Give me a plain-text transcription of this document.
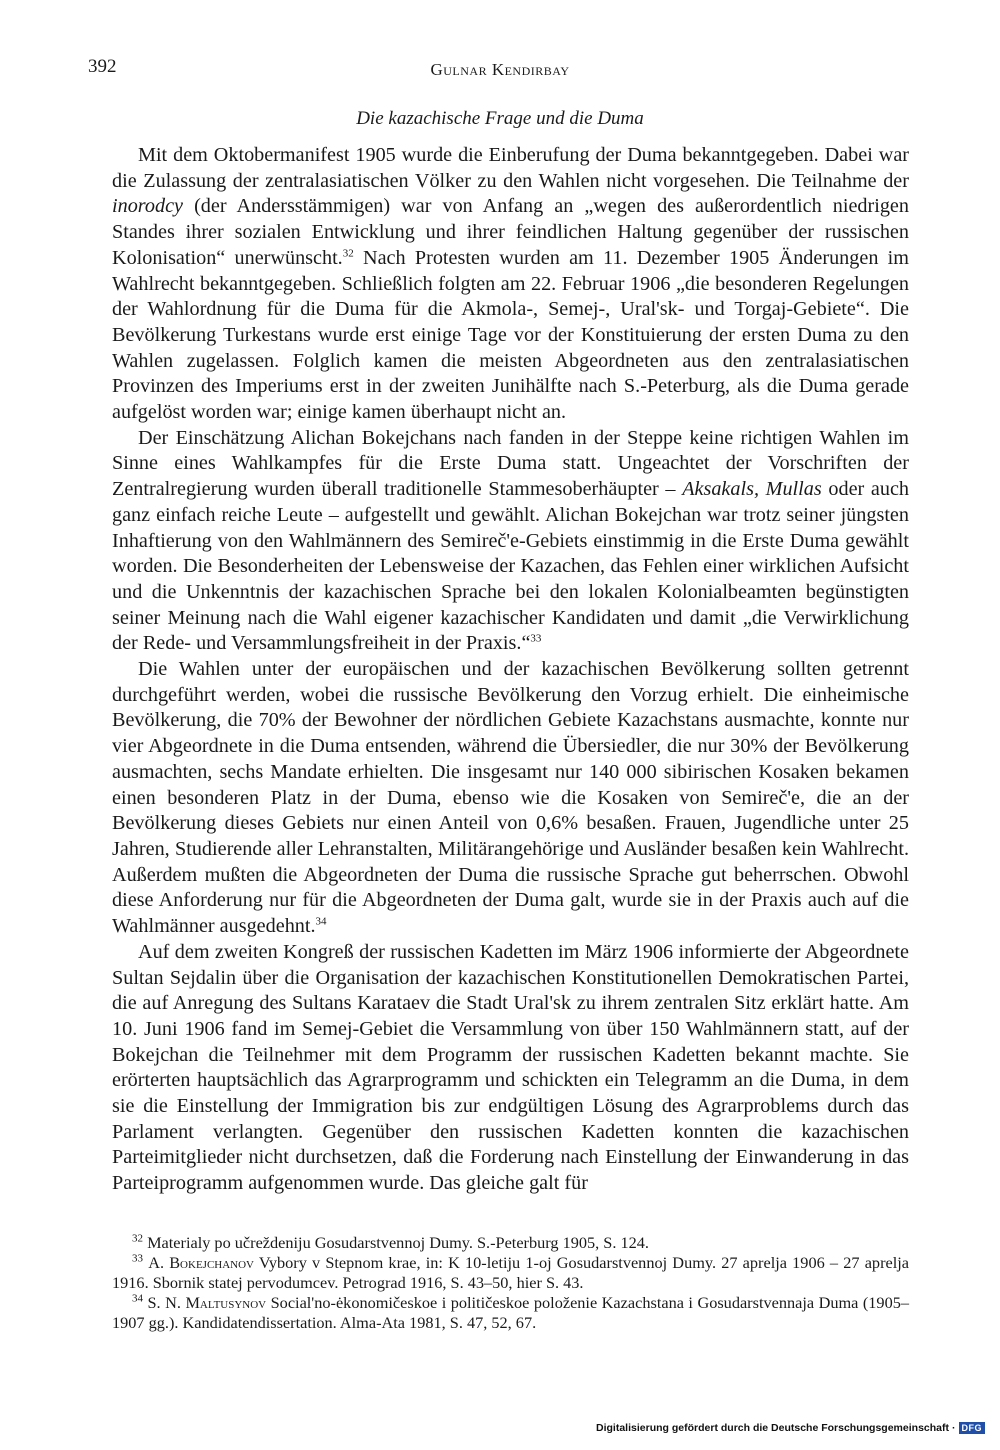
392	Gulnar Kendirbay
Die kazachische Frage und die Duma

Mit dem Oktobermanifest 1905 wurde die Einberufung der Duma bekanntgegeben. Dabei war die Zulassung der zentralasiatischen Völker zu den Wahlen nicht vorgesehen. Die Teilnahme der inorodcy (der Andersstämmigen) war von Anfang an „wegen des außerordentlich niedrigen Standes ihrer sozialen Entwicklung und ihrer feindlichen Haltung gegenüber der russischen Kolonisation“ unerwünscht.$^{32}$ Nach Protesten wurden am 11. Dezember 1905 Änderungen im Wahlrecht bekanntgegeben. Schließlich folgten am 22. Februar 1906 „die besonderen Regelungen der Wahlordnung für die Duma für die Akmola-, Semej-, Ural'sk- und Torgaj-Gebiete“. Die Bevölkerung Turkestans wurde erst einige Tage vor der Konstituierung der ersten Duma zu den Wahlen zugelassen. Folglich kamen die meisten Abgeordneten aus den zentralasiatischen Provinzen des Imperiums erst in der zweiten Junihälfte nach S.-Peterburg, als die Duma gerade aufgelöst worden war; einige kamen überhaupt nicht an.

Der Einschätzung Alichan Bokejchans nach fanden in der Steppe keine richtigen Wahlen im Sinne eines Wahlkampfes für die Erste Duma statt. Ungeachtet der Vorschriften der Zentralregierung wurden überall traditionelle Stammesoberhäupter – Aksakals, Mullas oder auch ganz einfach reiche Leute – aufgestellt und gewählt. Alichan Bokejchan war trotz seiner jüngsten Inhaftierung von den Wahlmännern des Semireč'e-Gebiets einstimmig in die Erste Duma gewählt worden. Die Besonderheiten der Lebensweise der Kazachen, das Fehlen einer wirklichen Aufsicht und die Unkenntnis der kazachischen Sprache bei den lokalen Kolonialbeamten begünstigten seiner Meinung nach die Wahl eigener kazachischer Kandidaten und damit „die Verwirklichung der Rede- und Versammlungsfreiheit in der Praxis.“$^{33}$

Die Wahlen unter der europäischen und der kazachischen Bevölkerung sollten getrennt durchgeführt werden, wobei die russische Bevölkerung den Vorzug erhielt. Die einheimische Bevölkerung, die 70% der Bewohner der nördlichen Gebiete Kazachstans ausmachte, konnte nur vier Abgeordnete in die Duma entsenden, während die Übersiedler, die nur 30% der Bevölkerung ausmachten, sechs Mandate erhielten. Die insgesamt nur 140 000 sibirischen Kosaken bekamen einen besonderen Platz in der Duma, ebenso wie die Kosaken von Semireč'e, die an der Bevölkerung dieses Gebiets nur einen Anteil von 0,6% besaßen. Frauen, Jugendliche unter 25 Jahren, Studierende aller Lehranstalten, Militärangehörige und Ausländer besaßen kein Wahlrecht. Außerdem mußten die Abgeordneten der Duma die russische Sprache gut beherrschen. Obwohl diese Anforderung nur für die Abgeordneten der Duma galt, wurde sie in der Praxis auch auf die Wahlmänner ausgedehnt.$^{34}$

Auf dem zweiten Kongreß der russischen Kadetten im März 1906 informierte der Abgeordnete Sultan Sejdalin über die Organisation der kazachischen Konstitutionellen Demokratischen Partei, die auf Anregung des Sultans Karataev die Stadt Ural'sk zu ihrem zentralen Sitz erklärt hatte. Am 10. Juni 1906 fand im Semej-Gebiet die Versammlung von über 150 Wahlmännern statt, auf der Bokejchan die Teilnehmer mit dem Programm der russischen Kadetten bekannt machte. Sie erörterten hauptsächlich das Agrarprogramm und schickten ein Telegramm an die Duma, in dem sie die Einstellung der Immigration bis zur endgültigen Lösung des Agrarproblems durch das Parlament verlangten. Gegenüber den russischen Kadetten konnten die kazachischen Parteimitglieder nicht durchsetzen, daß die Forderung nach Einstellung der Einwanderung in das Parteiprogramm aufgenommen wurde. Das gleiche galt für

$^{32}$ Materialy po učreždeniju Gosudarstvennoj Dumy. S.-Peterburg 1905, S. 124.

$^{33}$ A. Bokejchanov Vybory v Stepnom krae, in: K 10-letiju 1-oj Gosudarstvennoj Dumy. 27 aprelja 1906 – 27 aprelja 1916. Sbornik statej pervodumcev. Petrograd 1916, S. 43–50, hier S. 43.

$^{34}$ S. N. Maltusynov Social'no-ėkonomičeskoe i političeskoe položenie Kazachstana i Gosudarstvennaja Duma (1905–1907 gg.). Kandidatendissertation. Alma-Ata 1981, S. 47, 52, 67.

Digitalisierung gefördert durch die Deutsche Forschungsgemeinschaft · DFG
